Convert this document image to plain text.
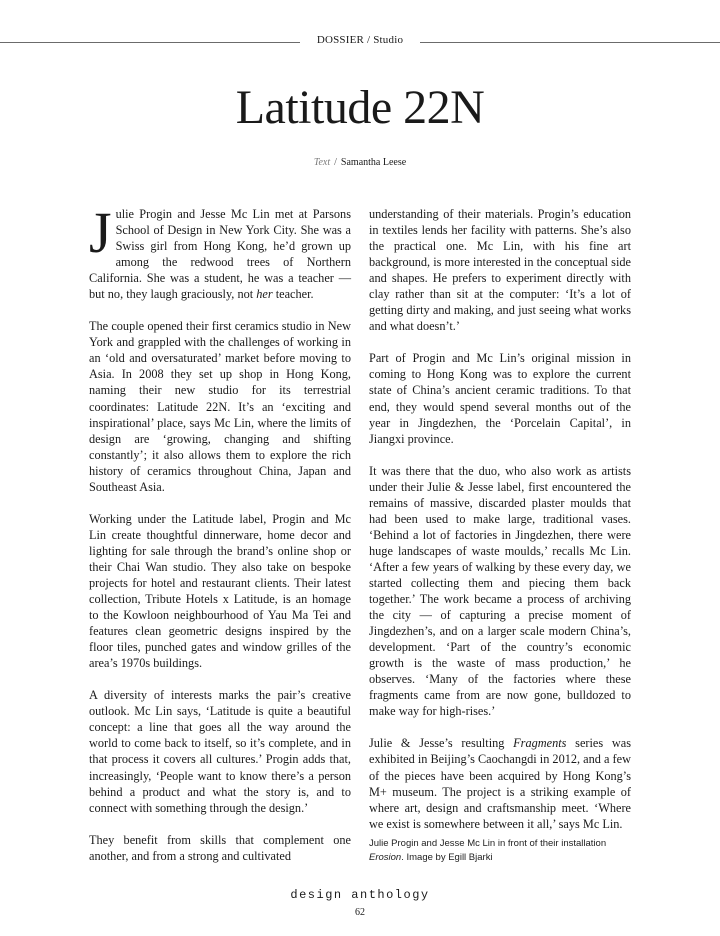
DOSSIER / Studio
Latitude 22N
Text / Samantha Leese

Julie Progin and Jesse Mc Lin met at Parsons School of Design in New York City. She was a Swiss girl from Hong Kong, he’d grown up among the redwood trees of Northern California. She was a student, he was a teacher — but no, they laugh graciously, not her teacher.

The couple opened their first ceramics studio in New York and grappled with the challenges of working in an ‘old and oversaturated’ market before moving to Asia. In 2008 they set up shop in Hong Kong, naming their new studio for its terrestrial coordinates: Latitude 22N. It’s an ‘exciting and inspirational’ place, says Mc Lin, where the limits of design are ‘growing, changing and shifting constantly’; it also allows them to explore the rich history of ceramics throughout China, Japan and Southeast Asia.

Working under the Latitude label, Progin and Mc Lin create thoughtful dinnerware, home decor and lighting for sale through the brand’s online shop or their Chai Wan studio. They also take on bespoke projects for hotel and restaurant clients. Their latest collection, Tribute Hotels x Latitude, is an homage to the Kowloon neighbourhood of Yau Ma Tei and features clean geometric designs inspired by the floor tiles, punched gates and window grilles of the area’s 1970s buildings.

A diversity of interests marks the pair’s creative outlook. Mc Lin says, ‘Latitude is quite a beautiful concept: a line that goes all the way around the world to come back to itself, so it’s complete, and in that process it covers all cultures.’ Progin adds that, increasingly, ‘People want to know there’s a person behind a product and what the story is, and to connect with something through the design.’

They benefit from skills that complement one another, and from a strong and cultivated

understanding of their materials. Progin’s education in textiles lends her facility with patterns. She’s also the practical one. Mc Lin, with his fine art background, is more interested in the conceptual side and shapes. He prefers to experiment directly with clay rather than sit at the computer: ‘It’s a lot of getting dirty and making, and just seeing what works and what doesn’t.’

Part of Progin and Mc Lin’s original mission in coming to Hong Kong was to explore the current state of China’s ancient ceramic traditions. To that end, they would spend several months out of the year in Jingdezhen, the ‘Porcelain Capital’, in Jiangxi province.

It was there that the duo, who also work as artists under their Julie & Jesse label, first encountered the remains of massive, discarded plaster moulds that had been used to make large, traditional vases. ‘Behind a lot of factories in Jingdezhen, there were huge landscapes of waste moulds,’ recalls Mc Lin. ‘After a few years of walking by these every day, we started collecting them and piecing them back together.’ The work became a process of archiving the city — of capturing a precise moment of Jingdezhen’s, and on a larger scale modern China’s, development. ‘Part of the country’s economic growth is the waste of mass production,’ he observes. ‘Many of the factories where these fragments came from are now gone, bulldozed to make way for high-rises.’

Julie & Jesse’s resulting Fragments series was exhibited in Beijing’s Caochangdi in 2012, and a few of the pieces have been acquired by Hong Kong’s M+ museum. The project is a striking example of where art, design and craftsmanship meet. ‘Where we exist is somewhere between it all,’ says Mc Lin.

Julie Progin and Jesse Mc Lin in front of their installation
Erosion. Image by Egill Bjarki
design anthology
62
